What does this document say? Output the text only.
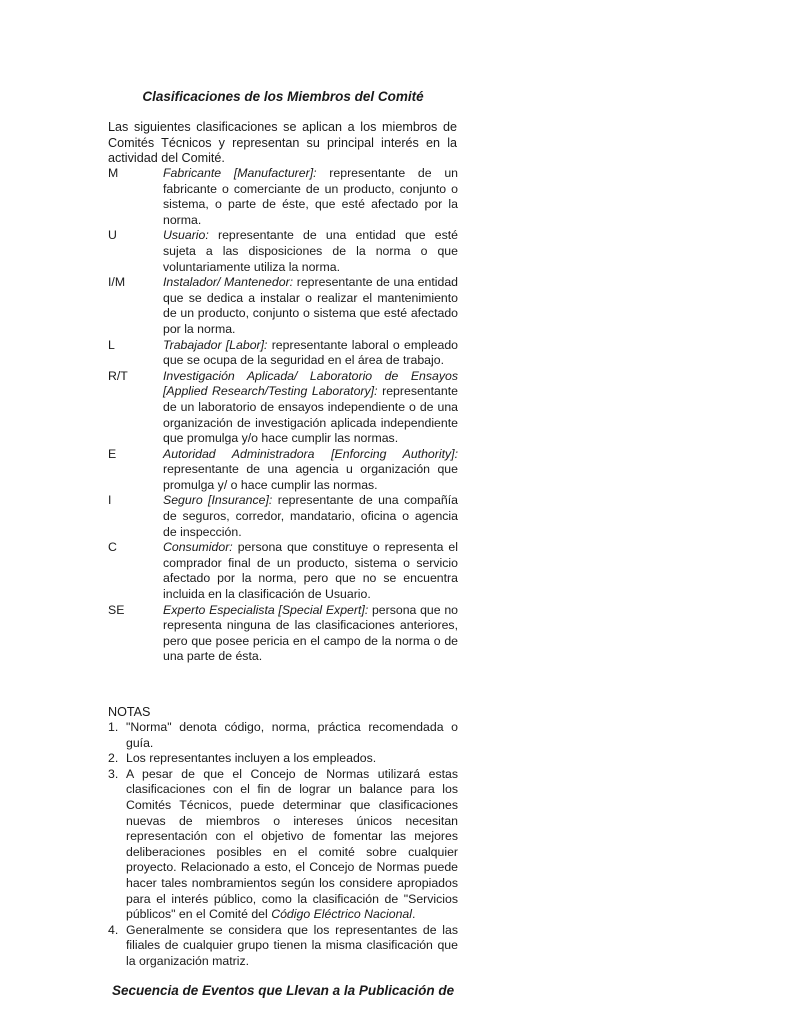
Clasificaciones de los Miembros del Comité
Las siguientes clasificaciones se aplican a los miembros de Comités Técnicos y representan su principal interés en la actividad del Comité.
M	Fabricante [Manufacturer]: representante de un fabricante o comerciante de un producto, conjunto o sistema, o parte de éste, que esté afectado por la norma.
U	Usuario: representante de una entidad que esté sujeta a las disposiciones de la norma o que voluntariamente utiliza la norma.
I/M	Instalador/ Mantenedor: representante de una entidad que se dedica a instalar o realizar el mantenimiento de un producto, conjunto o sistema que esté afectado por la norma.
L	Trabajador [Labor]: representante laboral o empleado que se ocupa de la seguridad en el área de trabajo.
R/T	Investigación Aplicada/ Laboratorio de Ensayos [Applied Research/Testing Laboratory]: representante de un laboratorio de ensayos independiente o de una organización de investigación aplicada independiente que promulga y/o hace cumplir las normas.
E	Autoridad Administradora [Enforcing Authority]: representante de una agencia u organización que promulga y/ o hace cumplir las normas.
I	Seguro [Insurance]: representante de una compañía de seguros, corredor, mandatario, oficina o agencia de inspección.
C	Consumidor: persona que constituye o representa el comprador final de un producto, sistema o servicio afectado por la norma, pero que no se encuentra incluida en la clasificación de Usuario.
SE	Experto Especialista [Special Expert]: persona que no representa ninguna de las clasificaciones anteriores, pero que posee pericia en el campo de la norma o de una parte de ésta.
NOTAS
1. "Norma" denota código, norma, práctica recomendada o guía.
2. Los representantes incluyen a los empleados.
3. A pesar de que el Concejo de Normas utilizará estas clasificaciones con el fin de lograr un balance para los Comités Técnicos, puede determinar que clasificaciones nuevas de miembros o intereses únicos necesitan representación con el objetivo de fomentar las mejores deliberaciones posibles en el comité sobre cualquier proyecto. Relacionado a esto, el Concejo de Normas puede hacer tales nombramientos según los considere apropiados para el interés público, como la clasificación de "Servicios públicos" en el Comité del Código Eléctrico Nacional.
4. Generalmente se considera que los representantes de las filiales de cualquier grupo tienen la misma clasificación que la organización matriz.
Secuencia de Eventos que Llevan a la Publicación de
